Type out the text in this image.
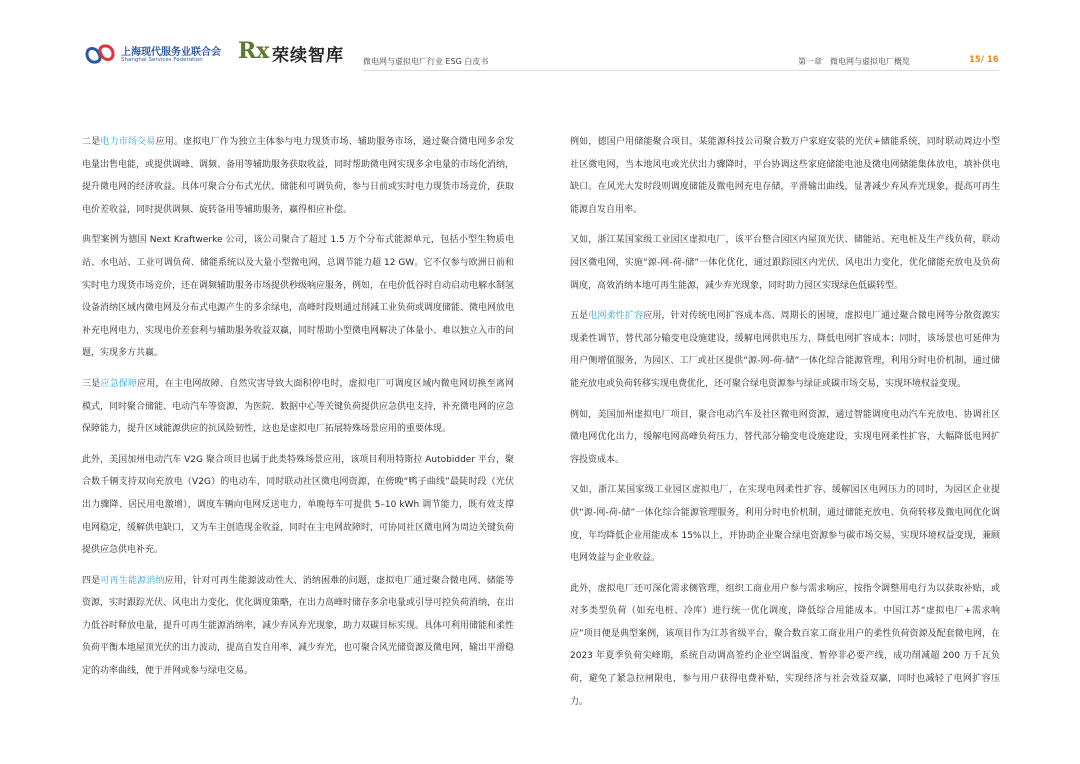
上海现代服务业联合会
Shanghai Services Federation Rx 荣续智库 微电网与虚拟电厂行业 ESG 白皮书	第一章　微电网与虚拟电厂概览	15/ 16

二是电力市场交易应用。虚拟电厂作为独立主体参与电力现货市场、辅助服务市场，通过聚合微电网多余发电量出售电能，或提供调峰、调频、备用等辅助服务获取收益，同时帮助微电网实现多余电量的市场化消纳，提升微电网的经济收益。具体可聚合分布式光伏、储能和可调负荷，参与日前或实时电力现货市场竞价，获取电价差收益，同时提供调频、旋转备用等辅助服务，赢得相应补偿。

典型案例为德国 Next Kraftwerke 公司，该公司聚合了超过 1.5 万个分布式能源单元，包括小型生物质电站、水电站、工业可调负荷、储能系统以及大量小型微电网，总调节能力超 12 GW。它不仅参与欧洲日前和实时电力现货市场竞价，还在调频辅助服务市场提供秒级响应服务，例如，在电价低谷时自动启动电解水制氢设备消纳区域内微电网及分布式电源产生的多余绿电，高峰时段则通过削减工业负荷或调度储能、微电网放电补充电网电力，实现电价差套利与辅助服务收益双赢，同时帮助小型微电网解决了体量小、难以独立入市的问题，实现多方共赢。

三是应急保障应用，在主电网故障、自然灾害导致大面积停电时，虚拟电厂可调度区域内微电网切换至离网模式，同时聚合储能、电动汽车等资源，为医院、数据中心等关键负荷提供应急供电支持，补充微电网的应急保障能力，提升区域能源供应的抗风险韧性，这也是虚拟电厂拓展特殊场景应用的重要体现。

此外，美国加州电动汽车 V2G 聚合项目也属于此类特殊场景应用，该项目利用特斯拉 Autobidder 平台，聚合数千辆支持双向充放电（V2G）的电动车，同时联动社区微电网资源，在傍晚“鸭子曲线”最陡时段（光伏出力骤降、居民用电激增），调度车辆向电网反送电力，单晚每车可提供 5–10 kWh 调节能力，既有效支撑电网稳定，缓解供电缺口，又为车主创造现金收益，同时在主电网故障时，可协同社区微电网为周边关键负荷提供应急供电补充。

四是可再生能源消纳应用，针对可再生能源波动性大、消纳困难的问题，虚拟电厂通过聚合微电网、储能等资源，实时跟踪光伏、风电出力变化，优化调度策略，在出力高峰时储存多余电量或引导可控负荷消纳，在出力低谷时释放电量，提升可再生能源消纳率，减少弃风弃光现象，助力双碳目标实现。具体可利用储能和柔性负荷平衡本地屋顶光伏的出力波动，提高自发自用率，减少弃光，也可聚合风光储资源及微电网，输出平滑稳定的功率曲线，便于并网或参与绿电交易。

例如，德国户用储能聚合项目，某能源科技公司聚合数万户家庭安装的光伏+储能系统，同时联动周边小型社区微电网，当本地风电或光伏出力骤降时，平台协调这些家庭储能电池及微电网储能集体放电，填补供电缺口。在风光大发时段则调度储能及微电网充电存储，平滑输出曲线，显著减少弃风弃光现象，提高可再生能源自发自用率。

又如，浙江某国家级工业园区虚拟电厂，该平台整合园区内屋顶光伏、储能站、充电桩及生产线负荷，联动园区微电网，实施“源-网-荷-储”一体化优化，通过跟踪园区内光伏、风电出力变化，优化储能充放电及负荷调度，高效消纳本地可再生能源，减少弃光现象，同时助力园区实现绿色低碳转型。

五是电网柔性扩容应用，针对传统电网扩容成本高、周期长的困境，虚拟电厂通过聚合微电网等分散资源实现柔性调节，替代部分输变电设施建设，缓解电网供电压力，降低电网扩容成本；同时，该场景也可延伸为用户侧增值服务，为园区、工厂或社区提供“源-网-荷-储”一体化综合能源管理，利用分时电价机制，通过储能充放电或负荷转移实现电费优化，还可聚合绿电资源参与绿证或碳市场交易，实现环境权益变现。

例如，美国加州虚拟电厂项目，聚合电动汽车及社区微电网资源，通过智能调度电动汽车充放电、协调社区微电网优化出力，缓解电网高峰负荷压力，替代部分输变电设施建设，实现电网柔性扩容，大幅降低电网扩容投资成本。

又如，浙江某国家级工业园区虚拟电厂，在实现电网柔性扩容、缓解园区电网压力的同时，为园区企业提供“源-网-荷-储”一体化综合能源管理服务，利用分时电价机制，通过储能充放电、负荷转移及微电网优化调度，年均降低企业用能成本 15%以上，并协助企业聚合绿电资源参与碳市场交易，实现环境权益变现，兼顾电网效益与企业收益。

此外，虚拟电厂还可深化需求侧管理，组织工商业用户参与需求响应，按指令调整用电行为以获取补贴，或对多类型负荷（如充电桩、冷库）进行统一优化调度，降低综合用能成本。中国江苏“虚拟电厂+需求响应”项目便是典型案例，该项目作为江苏省级平台，聚合数百家工商业用户的柔性负荷资源及配套微电网，在 2023 年夏季负荷尖峰期，系统自动调高签约企业空调温度、暂停非必要产线，成功削减超 200 万千瓦负荷，避免了紧急拉闸限电，参与用户获得电费补贴，实现经济与社会效益双赢，同时也减轻了电网扩容压力。
